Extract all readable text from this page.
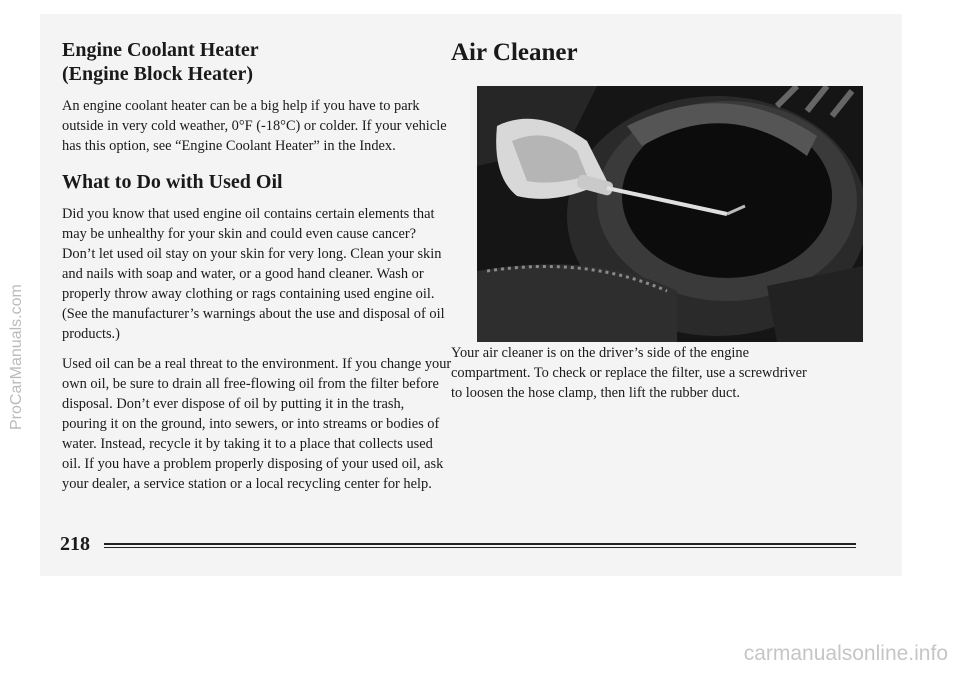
Engine Coolant Heater
(Engine Block Heater)

An engine coolant heater can be a big help if you have to park outside in very cold weather, 0°F (-18°C) or colder. If your vehicle has this option, see “Engine Coolant Heater” in the Index.

What to Do with Used Oil

Did you know that used engine oil contains certain elements that may be unhealthy for your skin and could even cause cancer? Don’t let used oil stay on your skin for very long. Clean your skin and nails with soap and water, or a good hand cleaner. Wash or properly throw away clothing or rags containing used engine oil. (See the manufacturer’s warnings about the use and disposal of oil products.)

Used oil can be a real threat to the environment. If you change your own oil, be sure to drain all free-flowing oil from the filter before disposal. Don’t ever dispose of oil by putting it in the trash, pouring it on the ground, into sewers, or into streams or bodies of water. Instead, recycle it by taking it to a place that collects used oil. If you have a problem properly disposing of your used oil, ask your dealer, a service station or a local recycling center for help.

Air Cleaner

Your air cleaner is on the driver’s side of the engine compartment. To check or replace the filter, use a screwdriver to loosen the hose clamp, then lift the rubber duct.

218
ProCarManuals.com
carmanualsonline.info
